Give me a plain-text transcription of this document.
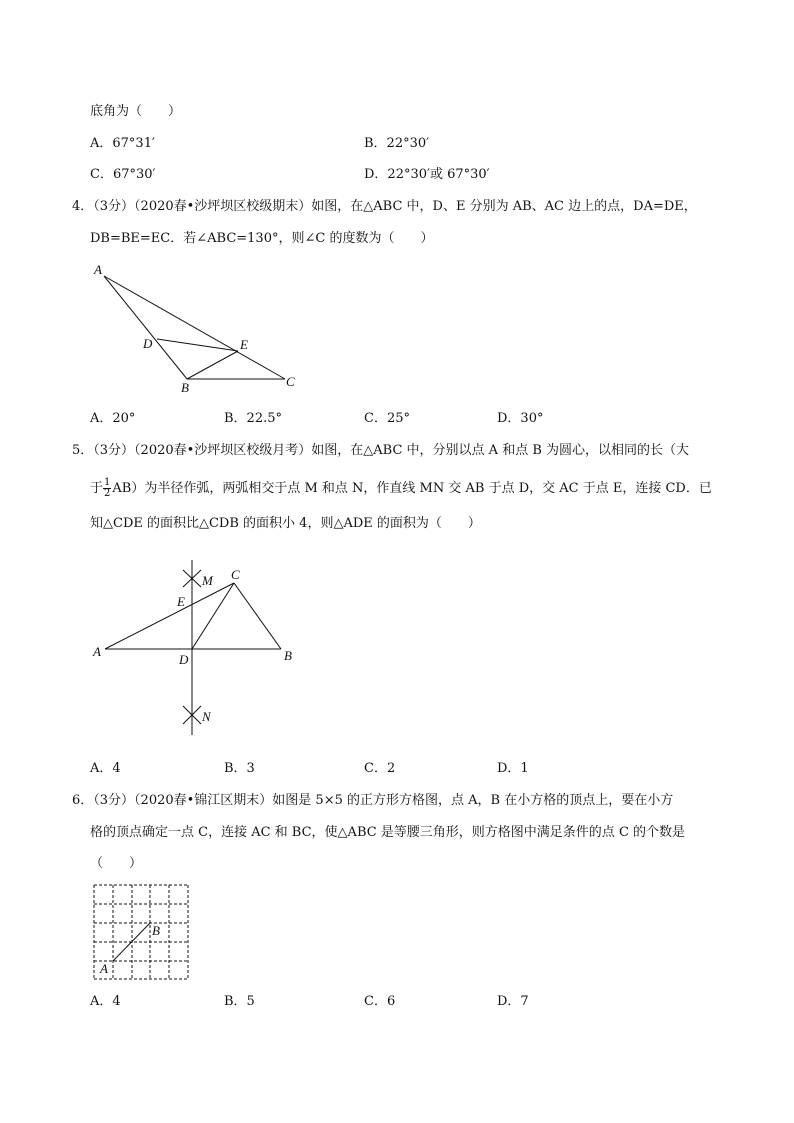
底角为（　　）
A．67°31′	B．22°30′
C．67°30′	D．22°30′或 67°30′
4．（3分）（2020春•沙坪坝区校级期末）如图，在△ABC 中，D、E 分别为 AB、AC 边上的点，DA=DE，
DB=BE=EC．若∠ABC=130°，则∠C 的度数为（　　）
A
D	E
B	C
A．20°	B．22.5°	C．25°	D．30°
5．（3分）（2020春•沙坪坝区校级月考）如图，在△ABC 中，分别以点 A 和点 B 为圆心，以相同的长（大
于 $\frac{1}{2} AB$）为半径作弧，两弧相交于点 M 和点 N，作直线 MN 交 AB 于点 D，交 AC 于点 E，连接 CD．已
知△CDE 的面积比△CDB 的面积小 4，则△ADE 的面积为（　　）
M C
E
A
D	B
N
A．4	B．3	C．2	D．1
6．（3分）（2020春•锦江区期末）如图是 5×5 的正方形方格图，点 A，B 在小方格的顶点上，要在小方
格的顶点确定一点 C，连接 AC 和 BC，使△ABC 是等腰三角形，则方格图中满足条件的点 C 的个数是
（　　）
B
A
A．4	B．5	C．6	D．7
